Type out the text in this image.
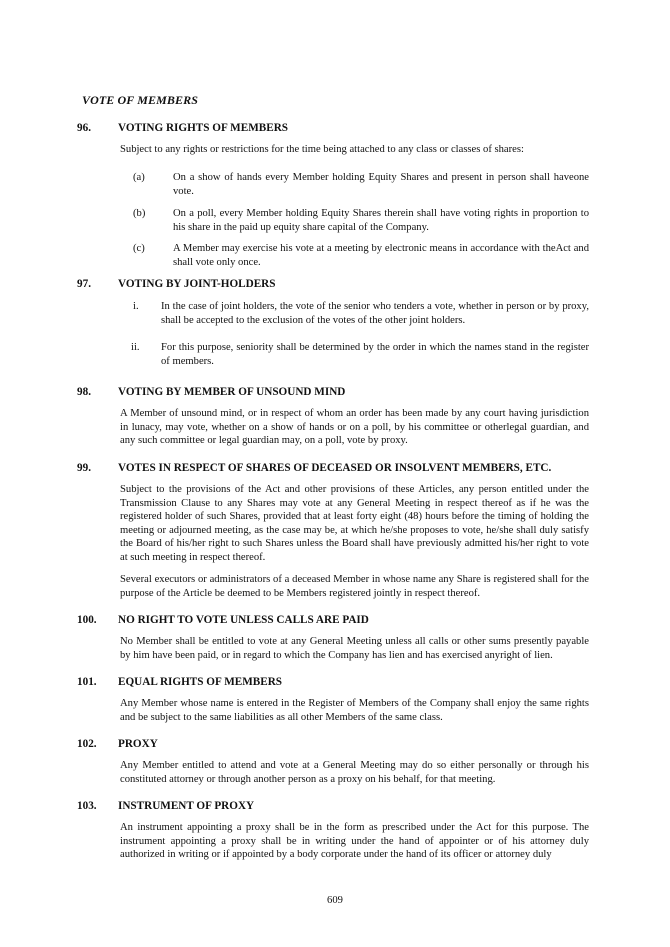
VOTE OF MEMBERS
96. VOTING RIGHTS OF MEMBERS
Subject to any rights or restrictions for the time being attached to any class or classes of shares:
(a)	On a show of hands every Member holding Equity Shares and present in person shall haveone vote.
(b)	On a poll, every Member holding Equity Shares therein shall have voting rights in proportion to his share in the paid up equity share capital of the Company.
(c)	A Member may exercise his vote at a meeting by electronic means in accordance with theAct and shall vote only once.
97. VOTING BY JOINT-HOLDERS
i. In the case of joint holders, the vote of the senior who tenders a vote, whether in person or by proxy, shall be accepted to the exclusion of the votes of the other joint holders.
ii. For this purpose, seniority shall be determined by the order in which the names stand in the register of members.
98. VOTING BY MEMBER OF UNSOUND MIND
A Member of unsound mind, or in respect of whom an order has been made by any court having jurisdiction in lunacy, may vote, whether on a show of hands or on a poll, by his committee or otherlegal guardian, and any such committee or legal guardian may, on a poll, vote by proxy.
99. VOTES IN RESPECT OF SHARES OF DECEASED OR INSOLVENT MEMBERS, ETC.
Subject to the provisions of the Act and other provisions of these Articles, any person entitled under the Transmission Clause to any Shares may vote at any General Meeting in respect thereof as if he was the registered holder of such Shares, provided that at least forty eight (48) hours before the timing of holding the meeting or adjourned meeting, as the case may be, at which he/she proposes to vote, he/she shall duly satisfy the Board of his/her right to such Shares unless the Board shall have previously admitted his/her right to vote at such meeting in respect thereof.
Several executors or administrators of a deceased Member in whose name any Share is registered shall for the purpose of the Article be deemed to be Members registered jointly in respect thereof.
100. NO RIGHT TO VOTE UNLESS CALLS ARE PAID
No Member shall be entitled to vote at any General Meeting unless all calls or other sums presently payable by him have been paid, or in regard to which the Company has lien and has exercised anyright of lien.
101. EQUAL RIGHTS OF MEMBERS
Any Member whose name is entered in the Register of Members of the Company shall enjoy the same rights and be subject to the same liabilities as all other Members of the same class.
102. PROXY
Any Member entitled to attend and vote at a General Meeting may do so either personally or through his constituted attorney or through another person as a proxy on his behalf, for that meeting.
103. INSTRUMENT OF PROXY
An instrument appointing a proxy shall be in the form as prescribed under the Act for this purpose. The instrument appointing a proxy shall be in writing under the hand of appointer or of his attorney duly authorized in writing or if appointed by a body corporate under the hand of its officer or attorney duly
609
